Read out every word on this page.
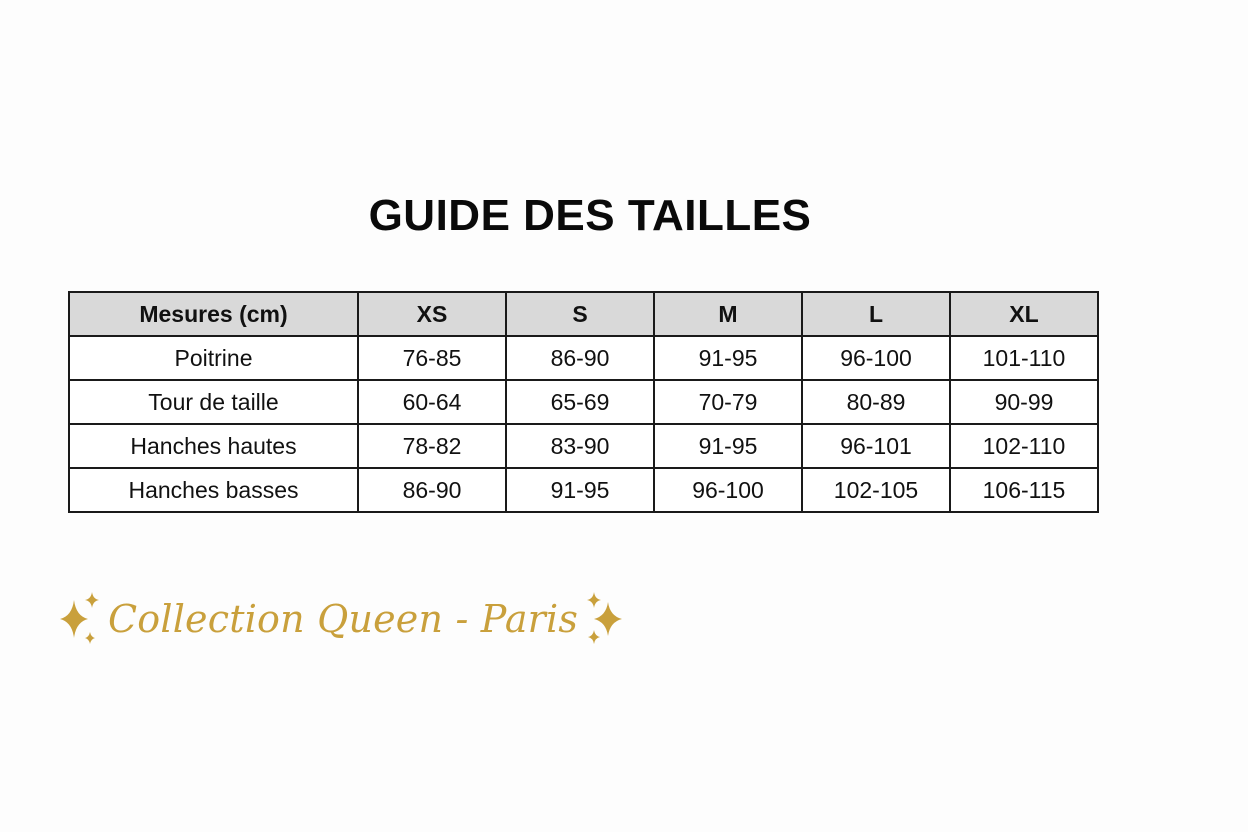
GUIDE DES TAILLES
Mesures (cm)	XS	S	M	L	XL
Poitrine	76-85	86-90	91-95	96-100	101-110
Tour de taille	60-64	65-69	70-79	80-89	90-99
Hanches hautes	78-82	83-90	91-95	96-101	102-110
Hanches basses	86-90	91-95	96-100	102-105	106-115
Collection Queen - Paris
